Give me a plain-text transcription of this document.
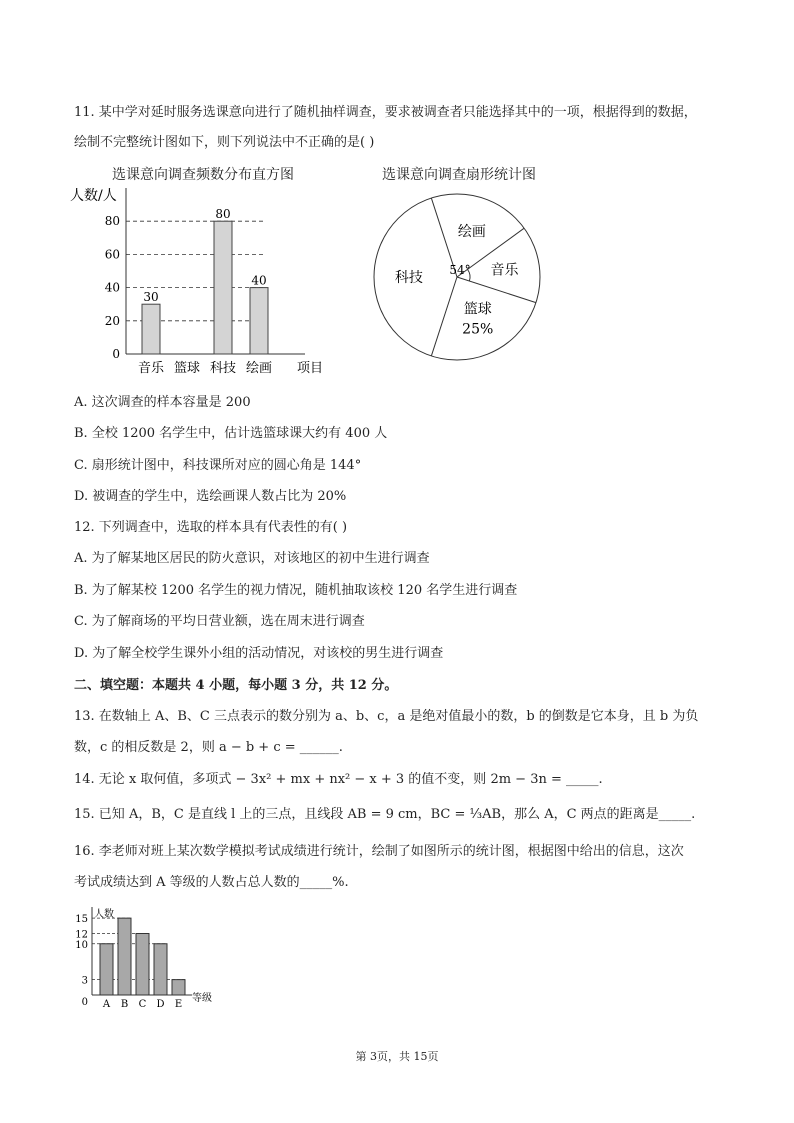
11. 某中学对延时服务选课意向进行了随机抽样调查，要求被调查者只能选择其中的一项，根据得到的数据，
绘制不完整统计图如下，则下列说法中不正确的是( )
选课意向调查频数分布直方图	选课意向调查扇形统计图
0
20
40
60
80
人数/人
项目
30
音乐 篮球
80
科技
40
绘画
篮球
25%
科技
绘画
音乐
54°
A. 这次调查的样本容量是 200
B. 全校 1200 名学生中，估计选篮球课大约有 400 人
C. 扇形统计图中，科技课所对应的圆心角是 144°
D. 被调查的学生中，选绘画课人数占比为 20%
12. 下列调查中，选取的样本具有代表性的有( )
A. 为了解某地区居民的防火意识，对该地区的初中生进行调查
B. 为了解某校 1200 名学生的视力情况，随机抽取该校 120 名学生进行调查
C. 为了解商场的平均日营业额，选在周末进行调查
D. 为了解全校学生课外小组的活动情况，对该校的男生进行调查
二、填空题：本题共 4 小题，每小题 3 分，共 12 分。
13. 在数轴上 A、B、C 三点表示的数分别为 a、b、c，a 是绝对值最小的数，b 的倒数是它本身，且 b 为负
数，c 的相反数是 2，则 a − b + c = ______.
14. 无论 x 取何值，多项式 − 3x² + mx + nx² − x + 3 的值不变，则 2m − 3n = _____.
15. 已知 A，B，C 是直线 l 上的三点，且线段 AB = 9 cm，BC = ⅓AB，那么 A，C 两点的距离是_____.
16. 李老师对班上某次数学模拟考试成绩进行统计，绘制了如图所示的统计图，根据图中给出的信息，这次
考试成绩达到 A 等级的人数占总人数的_____%.
人数
等级
0
3
10
12
15
A B C D E
第 3页，共 15页
